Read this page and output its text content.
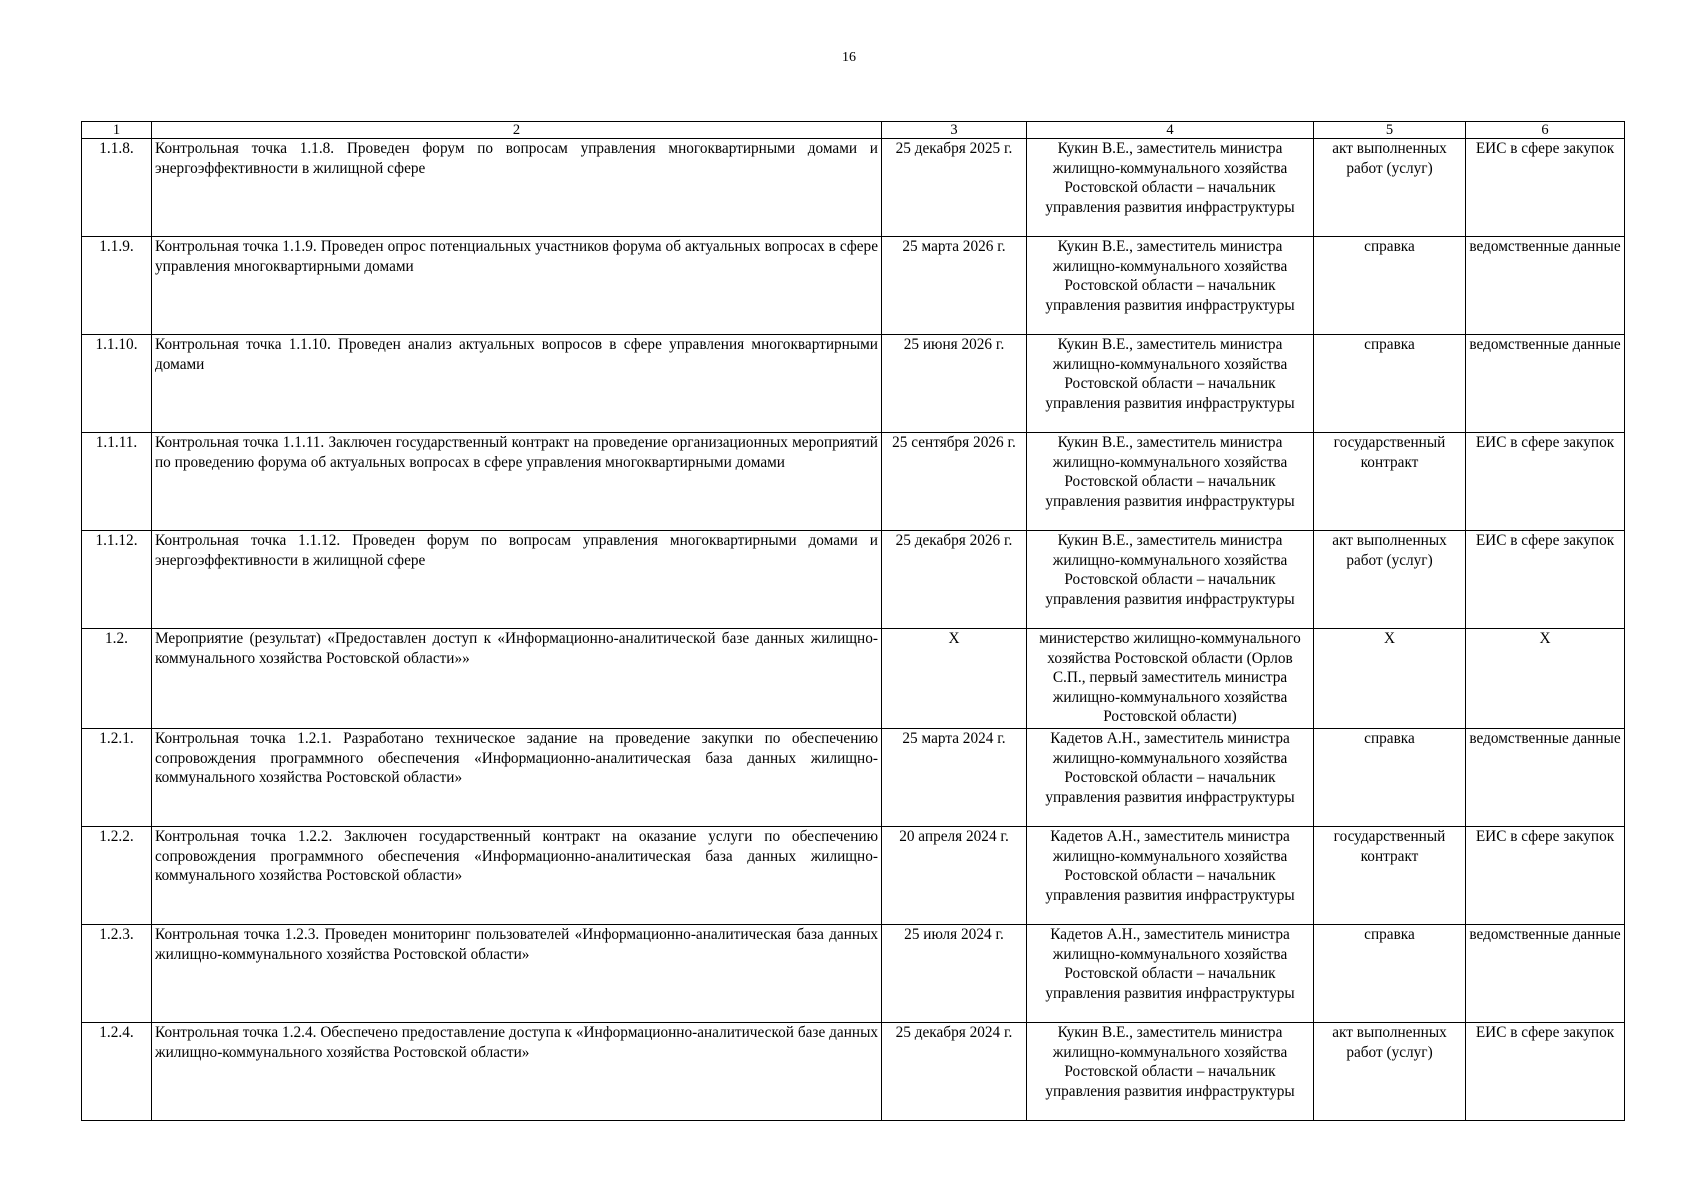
16
1	2	3	4	5	6
1.1.8.	Контрольная точка 1.1.8. Проведен форум по вопросам управления многоквартирными домами и энергоэффективности в жилищной сфере	25 декабря 2025 г.	Кукин В.Е., заместитель министра жилищно-коммунального хозяйства Ростовской области – начальник управления развития инфраструктуры	акт выполненных работ (услуг)	ЕИС в сфере закупок
1.1.9.	Контрольная точка 1.1.9. Проведен опрос потенциальных участников форума об актуальных вопросах в сфере управления многоквартирными домами	25 марта 2026 г.	Кукин В.Е., заместитель министра жилищно-коммунального хозяйства Ростовской области – начальник управления развития инфраструктуры	справка	ведомственные данные
1.1.10.	Контрольная точка 1.1.10. Проведен анализ актуальных вопросов в сфере управления многоквартирными домами	25 июня 2026 г.	Кукин В.Е., заместитель министра жилищно-коммунального хозяйства Ростовской области – начальник управления развития инфраструктуры	справка	ведомственные данные
1.1.11.	Контрольная точка 1.1.11. Заключен государственный контракт на проведение организационных мероприятий по проведению форума об актуальных вопросах в сфере управления многоквартирными домами	25 сентября 2026 г.	Кукин В.Е., заместитель министра жилищно-коммунального хозяйства Ростовской области – начальник управления развития инфраструктуры	государственный контракт	ЕИС в сфере закупок
1.1.12.	Контрольная точка 1.1.12. Проведен форум по вопросам управления многоквартирными домами и энергоэффективности в жилищной сфере	25 декабря 2026 г.	Кукин В.Е., заместитель министра жилищно-коммунального хозяйства Ростовской области – начальник управления развития инфраструктуры	акт выполненных работ (услуг)	ЕИС в сфере закупок
1.2.	Мероприятие (результат) «Предоставлен доступ к «Информационно-аналитической базе данных жилищно-коммунального хозяйства Ростовской области»»	Х	министерство жилищно-коммунального хозяйства Ростовской области (Орлов С.П., первый заместитель министра жилищно-коммунального хозяйства Ростовской области)	Х	Х
1.2.1.	Контрольная точка 1.2.1. Разработано техническое задание на проведение закупки по обеспечению сопровождения программного обеспечения «Информационно-аналитическая база данных жилищно-коммунального хозяйства Ростовской области»	25 марта 2024 г.	Кадетов А.Н., заместитель министра жилищно-коммунального хозяйства Ростовской области – начальник управления развития инфраструктуры	справка	ведомственные данные
1.2.2.	Контрольная точка 1.2.2. Заключен государственный контракт на оказание услуги по обеспечению сопровождения программного обеспечения «Информационно-аналитическая база данных жилищно-коммунального хозяйства Ростовской области»	20 апреля 2024 г.	Кадетов А.Н., заместитель министра жилищно-коммунального хозяйства Ростовской области – начальник управления развития инфраструктуры	государственный контракт	ЕИС в сфере закупок
1.2.3.	Контрольная точка 1.2.3. Проведен мониторинг пользователей «Информационно-аналитическая база данных жилищно-коммунального хозяйства Ростовской области»	25 июля 2024 г.	Кадетов А.Н., заместитель министра жилищно-коммунального хозяйства Ростовской области – начальник управления развития инфраструктуры	справка	ведомственные данные
1.2.4.	Контрольная точка 1.2.4. Обеспечено предоставление доступа к «Информационно-аналитической базе данных жилищно-коммунального хозяйства Ростовской области»	25 декабря 2024 г.	Кукин В.Е., заместитель министра жилищно-коммунального хозяйства Ростовской области – начальник управления развития инфраструктуры	акт выполненных работ (услуг)	ЕИС в сфере закупок
